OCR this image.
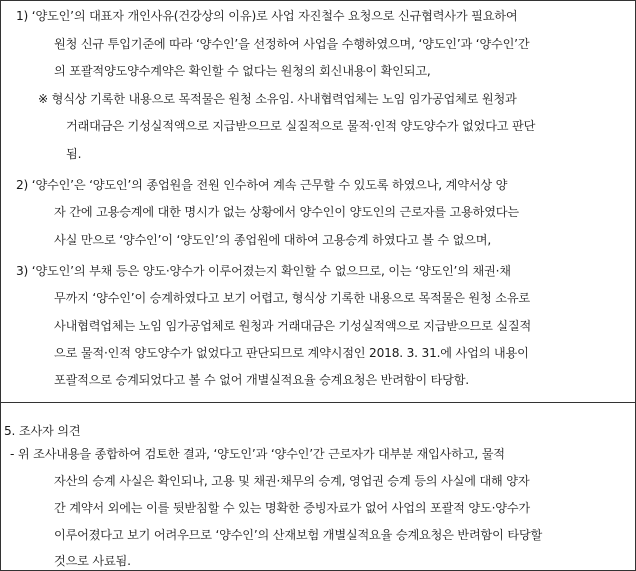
1) ‘양도인’의 대표자 개인사유(건강상의 이유)로 사업 자진철수 요청으로 신규협력사가 필요하여
원청 신규 투입기준에 따라 ‘양수인’을 선정하여 사업을 수행하였으며, ‘양도인’과 ‘양수인’간
의 포괄적양도양수계약은 확인할 수 없다는 원청의 회신내용이 확인되고,
※ 형식상 기록한 내용으로 목적물은 원청 소유임. 사내협력업체는 노임 임가공업체로 원청과
거래대금은 기성실적액으로 지급받으므로 실질적으로 물적·인적 양도양수가 없었다고 판단
됨.
2) ‘양수인’은 ‘양도인’의 종업원을 전원 인수하여 계속 근무할 수 있도록 하였으나, 계약서상 양
자 간에 고용승계에 대한 명시가 없는 상황에서 양수인이 양도인의 근로자를 고용하였다는
사실 만으로 ‘양수인’이 ‘양도인’의 종업원에 대하여 고용승계 하였다고 볼 수 없으며,
3) ‘양도인’의 부채 등은 양도·양수가 이루어졌는지 확인할 수 없으므로, 이는 ‘양도인’의 채권·채
무까지 ‘양수인’이 승계하였다고 보기 어렵고, 형식상 기록한 내용으로 목적물은 원청 소유로
사내협력업체는 노임 임가공업체로 원청과 거래대금은 기성실적액으로 지급받으므로 실질적
으로 물적·인적 양도양수가 없었다고 판단되므로 계약시점인 2018. 3. 31.에 사업의 내용이
포괄적으로 승계되었다고 볼 수 없어 개별실적요율 승계요청은 반려함이 타당함.
5. 조사자 의견
- 위 조사내용을 종합하여 검토한 결과, ‘양도인’과 ‘양수인’간 근로자가 대부분 재입사하고, 물적
자산의 승계 사실은 확인되나, 고용 및 채권·채무의 승계, 영업권 승계 등의 사실에 대해 양자
간 계약서 외에는 이를 뒷받침할 수 있는 명확한 증빙자료가 없어 사업의 포괄적 양도·양수가
이루어졌다고 보기 어려우므로 ‘양수인’의 산재보험 개별실적요율 승계요청은 반려함이 타당할
것으로 사료됨.
